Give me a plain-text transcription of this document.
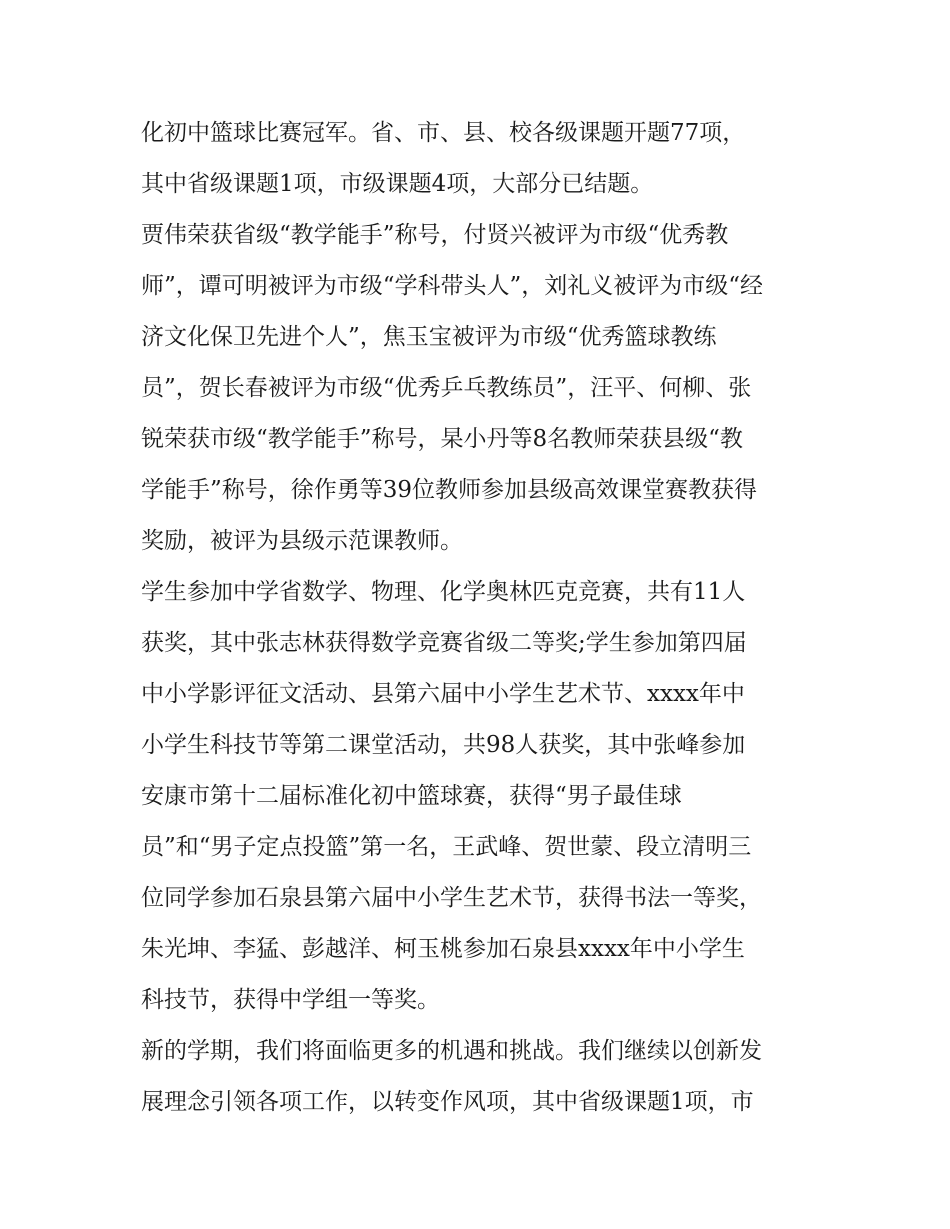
化初中篮球比赛冠军。省、市、县、校各级课题开题77项，
其中省级课题1项，市级课题4项，大部分已结题。
贾伟荣获省级“教学能手”称号，付贤兴被评为市级“优秀教
师”，谭可明被评为市级“学科带头人”，刘礼义被评为市级“经
济文化保卫先进个人”，焦玉宝被评为市级“优秀篮球教练
员”，贺长春被评为市级“优秀乒乓教练员”，汪平、何柳、张
锐荣获市级“教学能手”称号，杲小丹等8名教师荣获县级“教
学能手”称号，徐作勇等39位教师参加县级高效课堂赛教获得
奖励，被评为县级示范课教师。
学生参加中学省数学、物理、化学奥林匹克竞赛，共有11人
获奖，其中张志林获得数学竞赛省级二等奖;学生参加第四届
中小学影评征文活动、县第六届中小学生艺术节、xxxx年中
小学生科技节等第二课堂活动，共98人获奖，其中张峰参加
安康市第十二届标准化初中篮球赛，获得“男子最佳球
员”和“男子定点投篮”第一名，王武峰、贺世蒙、段立清明三
位同学参加石泉县第六届中小学生艺术节，获得书法一等奖，
朱光坤、李猛、彭越洋、柯玉桃参加石泉县xxxx年中小学生
科技节，获得中学组一等奖。
新的学期，我们将面临更多的机遇和挑战。我们继续以创新发
展理念引领各项工作，以转变作风项，其中省级课题1项，市
